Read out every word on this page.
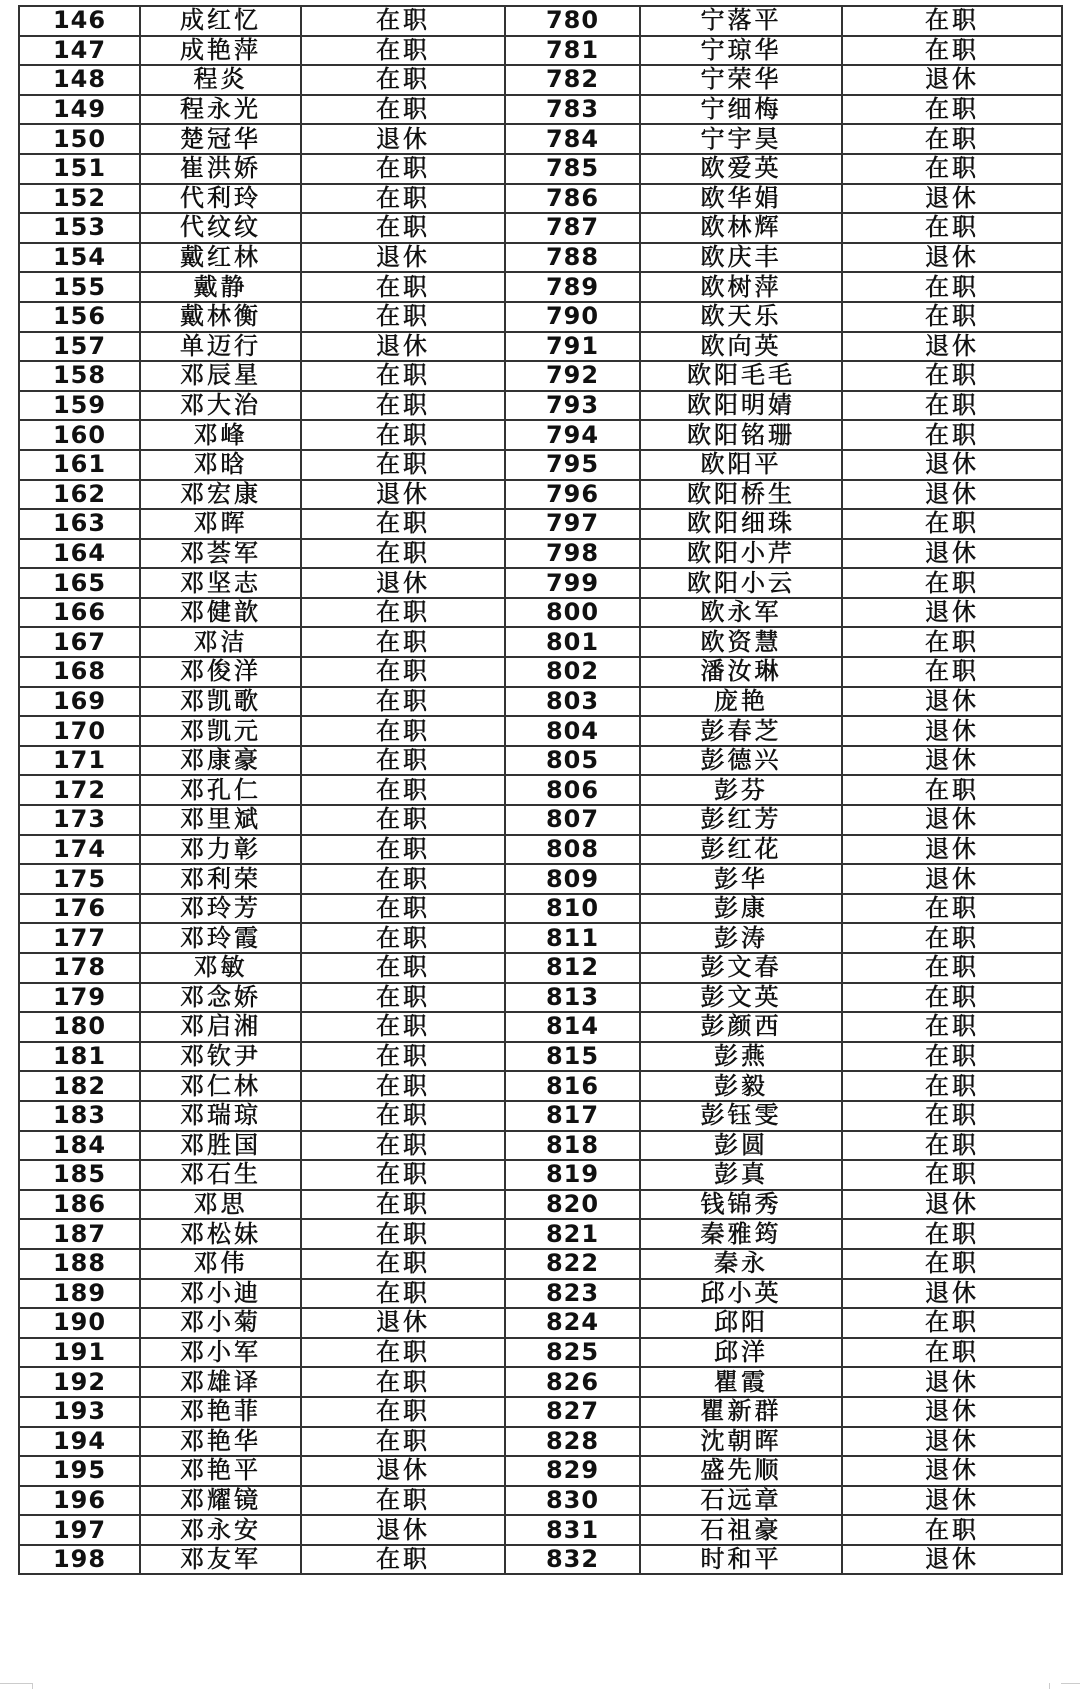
146	成红忆	在职	780	宁落平	在职
147	成艳萍	在职	781	宁琼华	在职
148	程炎	在职	782	宁荣华	退休
149	程永光	在职	783	宁细梅	在职
150	楚冠华	退休	784	宁宇昊	在职
151	崔洪娇	在职	785	欧爱英	在职
152	代利玲	在职	786	欧华娟	退休
153	代纹纹	在职	787	欧林辉	在职
154	戴红林	退休	788	欧庆丰	退休
155	戴静	在职	789	欧树萍	在职
156	戴林衡	在职	790	欧天乐	在职
157	单迈行	退休	791	欧向英	退休
158	邓辰星	在职	792	欧阳毛毛	在职
159	邓大治	在职	793	欧阳明婧	在职
160	邓峰	在职	794	欧阳铭珊	在职
161	邓晗	在职	795	欧阳平	退休
162	邓宏康	退休	796	欧阳桥生	退休
163	邓晖	在职	797	欧阳细珠	在职
164	邓荟军	在职	798	欧阳小芹	退休
165	邓坚志	退休	799	欧阳小云	在职
166	邓健歆	在职	800	欧永军	退休
167	邓洁	在职	801	欧资慧	在职
168	邓俊洋	在职	802	潘汝琳	在职
169	邓凯歌	在职	803	庞艳	退休
170	邓凯元	在职	804	彭春芝	退休
171	邓康豪	在职	805	彭德兴	退休
172	邓孔仁	在职	806	彭芬	在职
173	邓里斌	在职	807	彭红芳	退休
174	邓力彰	在职	808	彭红花	退休
175	邓利荣	在职	809	彭华	退休
176	邓玲芳	在职	810	彭康	在职
177	邓玲霞	在职	811	彭涛	在职
178	邓敏	在职	812	彭文春	在职
179	邓念娇	在职	813	彭文英	在职
180	邓启湘	在职	814	彭颜西	在职
181	邓钦尹	在职	815	彭燕	在职
182	邓仁林	在职	816	彭毅	在职
183	邓瑞琼	在职	817	彭钰雯	在职
184	邓胜国	在职	818	彭圆	在职
185	邓石生	在职	819	彭真	在职
186	邓思	在职	820	钱锦秀	退休
187	邓松妹	在职	821	秦雅筠	在职
188	邓伟	在职	822	秦永	在职
189	邓小迪	在职	823	邱小英	退休
190	邓小菊	退休	824	邱阳	在职
191	邓小军	在职	825	邱洋	在职
192	邓雄译	在职	826	瞿霞	退休
193	邓艳菲	在职	827	瞿新群	退休
194	邓艳华	在职	828	沈朝晖	退休
195	邓艳平	退休	829	盛先顺	退休
196	邓耀镜	在职	830	石远章	退休
197	邓永安	退休	831	石祖豪	在职
198	邓友军	在职	832	时和平	退休
